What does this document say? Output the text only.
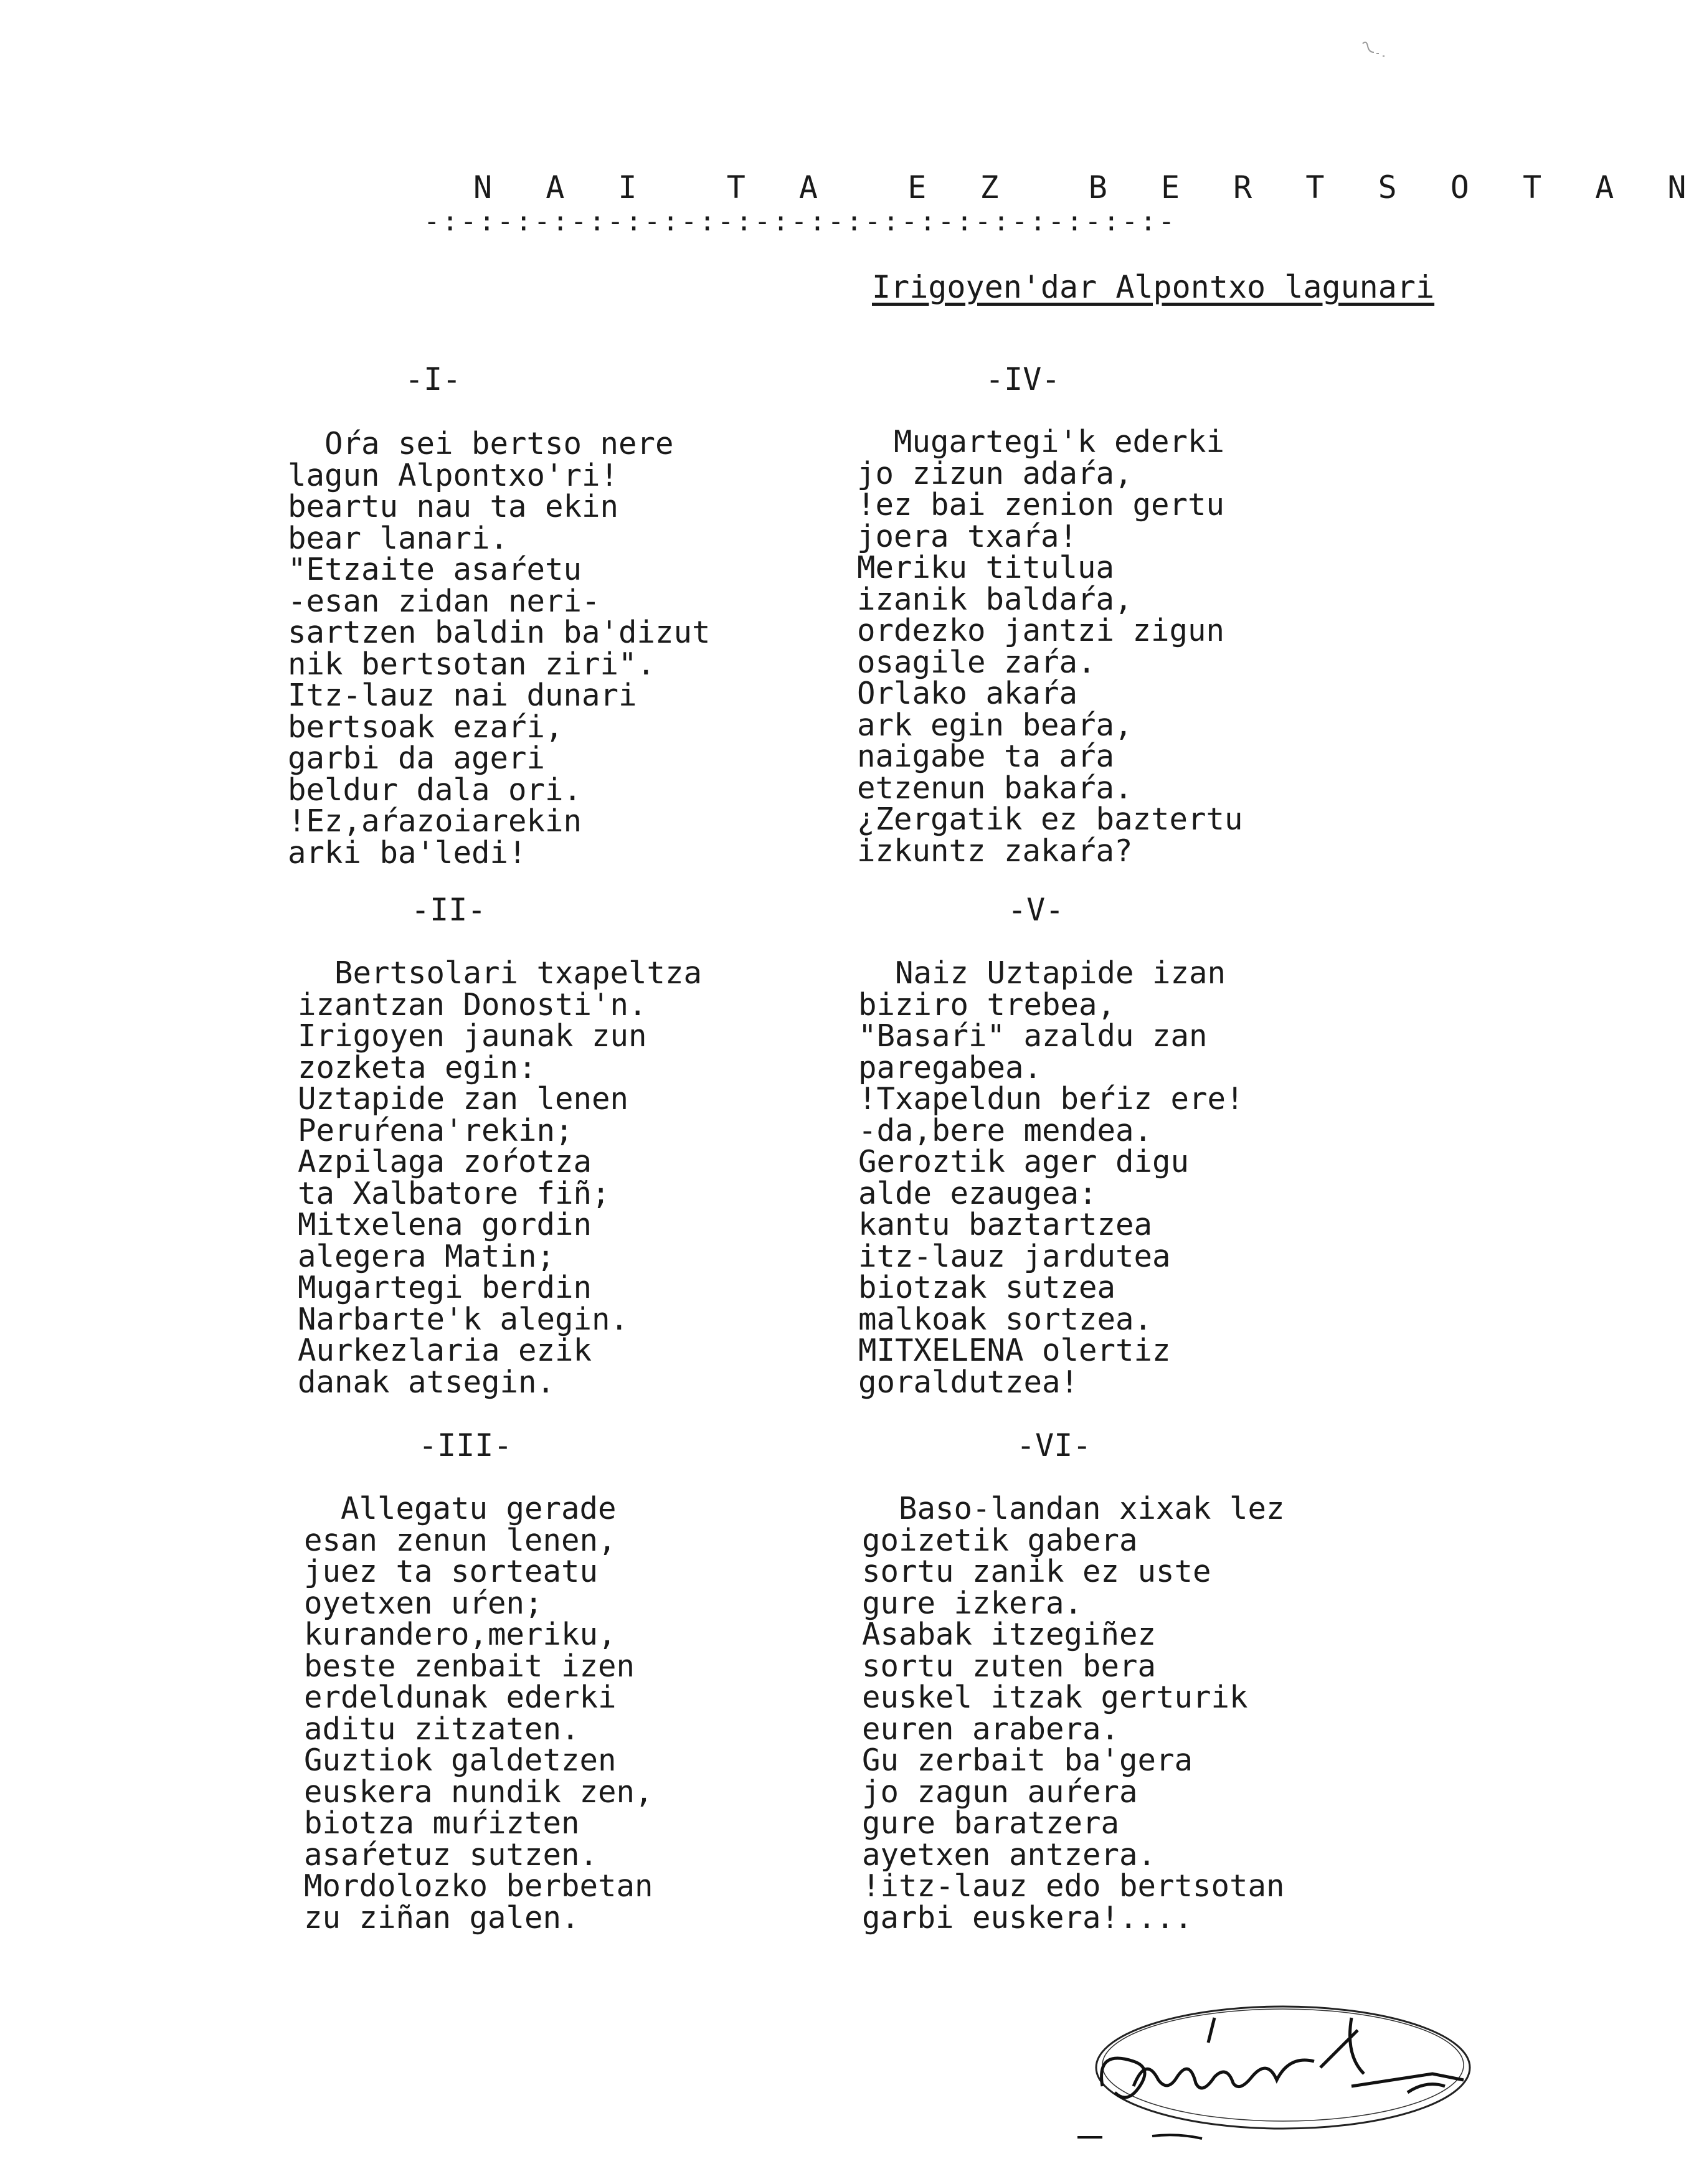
N A I  T A  E Z  B E R T S O T A N
-:-:-:-:-:-:-:-:-:-:-:-:-:-:-:-:-:-:-:-:-
Irigoyen'dar Alpontxo lagunari
-I-
Oŕa sei bertso nere
lagun Alpontxo'ri!
beartu nau ta ekin
bear lanari.
"Etzaite asaŕetu
-esan zidan neri-
sartzen baldin ba'dizut
nik bertsotan ziri".
Itz-lauz nai dunari
bertsoak ezaŕi,
garbi da ageri
beldur dala ori.
!Ez,aŕazoiarekin
arki ba'ledi!
-II-
Bertsolari txapeltza
izantzan Donosti'n.
Irigoyen jaunak zun
zozketa egin:
Uztapide zan lenen
Peruŕena'rekin;
Azpilaga zoŕotza
ta Xalbatore fiñ;
Mitxelena gordin
alegera Matin;
Mugartegi berdin
Narbarte'k alegin.
Aurkezlaria ezik
danak atsegin.
-III-
Allegatu gerade
esan zenun lenen,
juez ta sorteatu
oyetxen uŕen;
kurandero,meriku,
beste zenbait izen
erdeldunak ederki
aditu zitzaten.
Guztiok galdetzen
euskera nundik zen,
biotza muŕizten
asaŕetuz sutzen.
Mordolozko berbetan
zu ziñan galen.
-IV-
Mugartegi'k ederki
jo zizun adaŕa,
!ez bai zenion gertu
joera txaŕa!
Meriku titulua
izanik baldaŕa,
ordezko jantzi zigun
osagile zaŕa.
Orlako akaŕa
ark egin beaŕa,
naigabe ta aŕa
etzenun bakaŕa.
¿Zergatik ez baztertu
izkuntz zakaŕa?
-V-
Naiz Uztapide izan
biziro trebea,
"Basaŕi" azaldu zan
paregabea.
!Txapeldun beŕiz ere!
-da,bere mendea.
Geroztik ager digu
alde ezaugea:
kantu baztartzea
itz-lauz jardutea
biotzak sutzea
malkoak sortzea.
MITXELENA olertiz
goraldutzea!
-VI-
Baso-landan xixak lez
goizetik gabera
sortu zanik ez uste
gure izkera.
Asabak itzegiñez
sortu zuten bera
euskel itzak gerturik
euren arabera.
Gu zerbait ba'gera
jo zagun auŕera
gure baratzera
ayetxen antzera.
!itz-lauz edo bertsotan
garbi euskera!....
